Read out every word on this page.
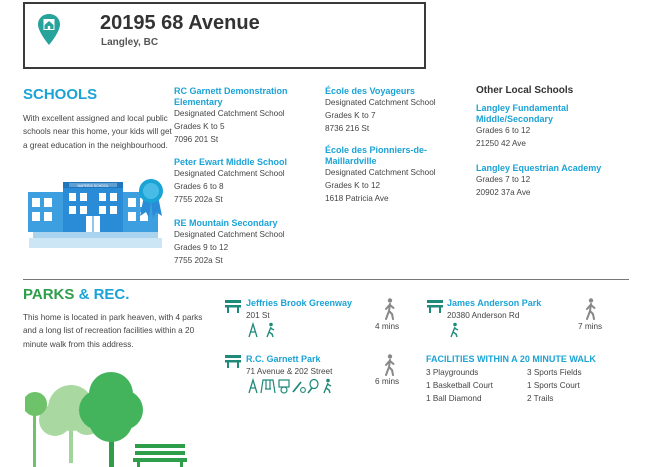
20195 68 Avenue
Langley, BC
SCHOOLS
With excellent assigned and local public schools near this home, your kids will get a great education in the neighbourhood.
NAPERIS SCHOOL
RC Garnett Demonstration Elementary
Designated Catchment School
Grades K to 5
7096 201 St
Peter Ewart Middle School
Designated Catchment School
Grades 6 to 8
7755 202a St
RE Mountain Secondary
Designated Catchment School
Grades 9 to 12
7755 202a St
École des Voyageurs
Designated Catchment School
Grades K to 7
8736 216 St
École des Pionniers-de-Maillardville
Designated Catchment School
Grades K to 12
1618 Patricia Ave
Other Local Schools
Langley Fundamental Middle/Secondary
Grades 6 to 12
21250 42 Ave
Langley Equestrian Academy
Grades 7 to 12
20902 37a Ave
PARKS & REC.
This home is located in park heaven, with 4 parks and a long list of recreation facilities within a 20 minute walk from this address.
Jeffries Brook Greenway
201 St
4 mins
James Anderson Park
20380 Anderson Rd
7 mins
R.C. Garnett Park
71 Avenue & 202 Street
6 mins
FACILITIES WITHIN A 20 MINUTE WALK
3 Playgrounds
1 Basketball Court
1 Ball Diamond
3 Sports Fields
1 Sports Court
2 Trails
